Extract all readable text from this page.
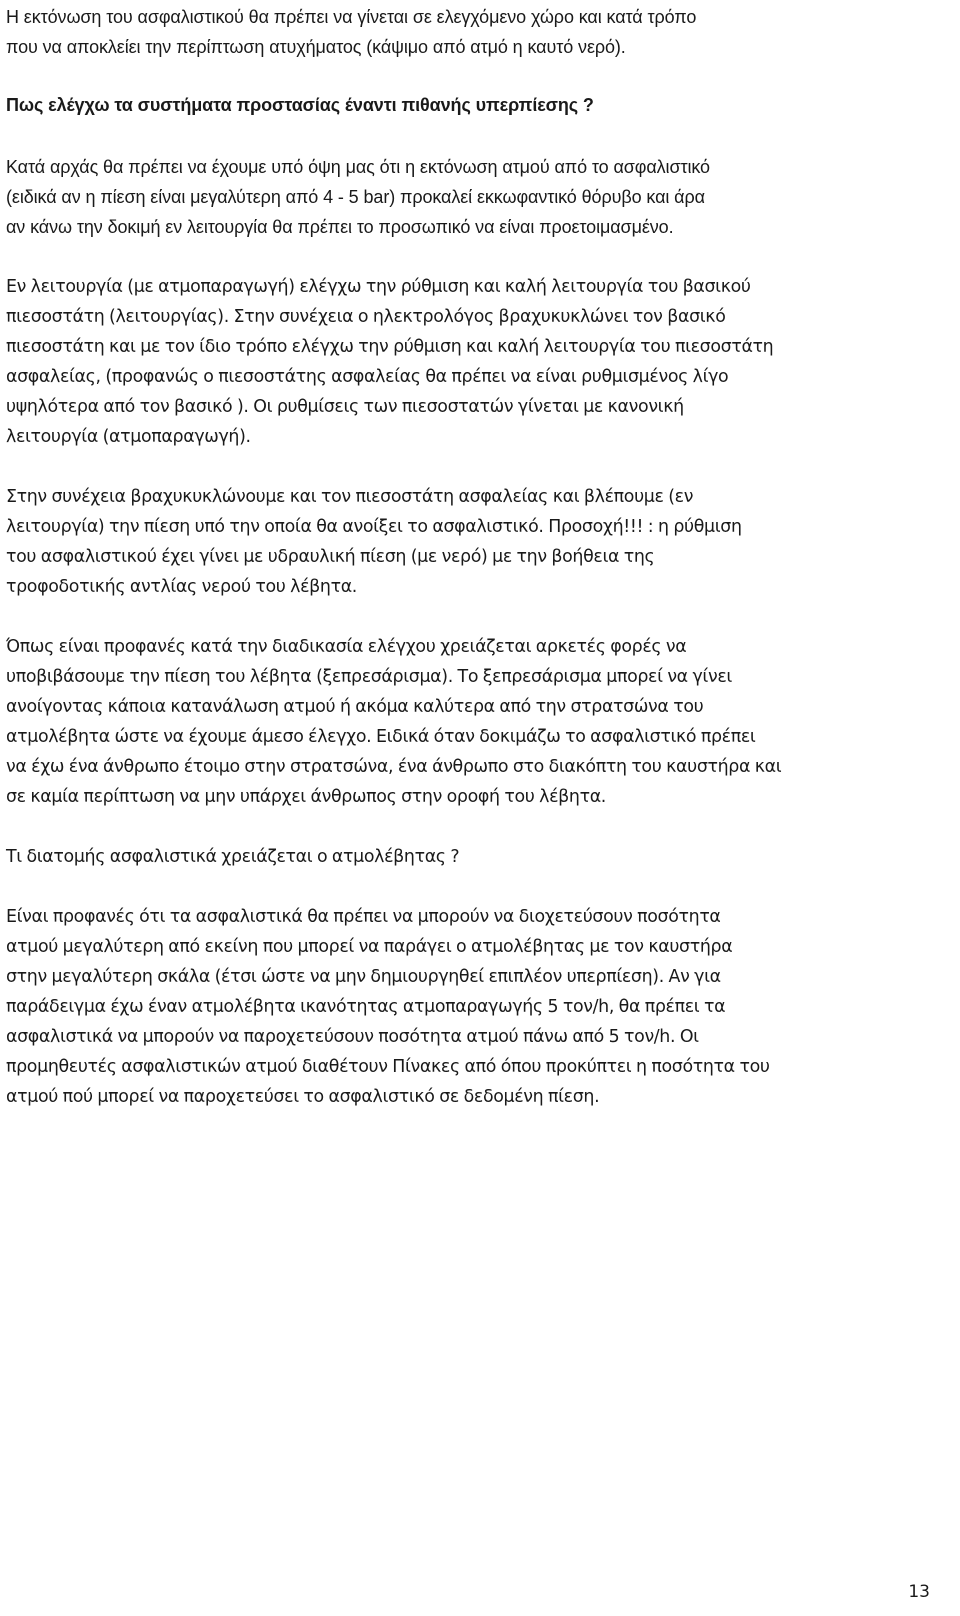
Η εκτόνωση του ασφαλιστικού θα πρέπει να γίνεται σε ελεγχόμενο χώρο και κατά τρόπο
που να αποκλείει την περίπτωση ατυχήματος (κάψιμο από ατμό η καυτό νερό).

Πως ελέγχω τα συστήματα προστασίας έναντι πιθανής υπερπίεσης ?

Κατά αρχάς θα πρέπει να έχουμε υπό όψη μας ότι η εκτόνωση ατμού από το ασφαλιστικό
(ειδικά αν η πίεση είναι μεγαλύτερη από 4 - 5 bar) προκαλεί εκκωφαντικό θόρυβο και άρα
αν κάνω την δοκιμή εν λειτουργία θα πρέπει το προσωπικό να είναι προετοιμασμένο.

Εν λειτουργία (με ατμοπαραγωγή) ελέγχω την ρύθμιση και καλή λειτουργία του βασικού
πιεσοστάτη (λειτουργίας). Στην συνέχεια ο ηλεκτρολόγος βραχυκυκλώνει τον βασικό
πιεσοστάτη και με τον ίδιο τρόπο ελέγχω την ρύθμιση και καλή λειτουργία του πιεσοστάτη
ασφαλείας, (προφανώς ο πιεσοστάτης ασφαλείας θα πρέπει να είναι ρυθμισμένος λίγο
υψηλότερα από τον βασικό ). Οι ρυθμίσεις των πιεσοστατών γίνεται με κανονική
λειτουργία (ατμοπαραγωγή).

Στην συνέχεια βραχυκυκλώνουμε και τον πιεσοστάτη ασφαλείας και βλέπουμε (εν
λειτουργία) την πίεση υπό την οποία θα ανοίξει το ασφαλιστικό. Προσοχή!!! : η ρύθμιση
του ασφαλιστικού έχει γίνει με υδραυλική πίεση (με νερό) με την βοήθεια της
τροφοδοτικής αντλίας νερού του λέβητα.

Όπως είναι προφανές κατά την διαδικασία ελέγχου χρειάζεται αρκετές φορές να
υποβιβάσουμε την πίεση του λέβητα (ξεπρεσάρισμα). Το ξεπρεσάρισμα μπορεί να γίνει
ανοίγοντας κάποια κατανάλωση ατμού ή ακόμα καλύτερα από την στρατσώνα του
ατμολέβητα ώστε να έχουμε άμεσο έλεγχο. Ειδικά όταν δοκιμάζω το ασφαλιστικό πρέπει
να έχω ένα άνθρωπο έτοιμο στην στρατσώνα, ένα άνθρωπο στο διακόπτη του καυστήρα και
σε καμία περίπτωση να μην υπάρχει άνθρωπος στην οροφή του λέβητα.

Τι διατομής ασφαλιστικά χρειάζεται ο ατμολέβητας ?

Είναι προφανές ότι τα ασφαλιστικά θα πρέπει να μπορούν να διοχετεύσουν ποσότητα
ατμού μεγαλύτερη από εκείνη που μπορεί να παράγει ο ατμολέβητας με τον καυστήρα
στην μεγαλύτερη σκάλα (έτσι ώστε να μην δημιουργηθεί επιπλέον υπερπίεση). Αν για
παράδειγμα έχω έναν ατμολέβητα ικανότητας ατμοπαραγωγής 5 τον/h, θα πρέπει τα
ασφαλιστικά να μπορούν να παροχετεύσουν ποσότητα ατμού πάνω από 5 τον/h. Οι
προμηθευτές ασφαλιστικών ατμού διαθέτουν Πίνακες από όπου προκύπτει η ποσότητα του
ατμού πού μπορεί να παροχετεύσει το ασφαλιστικό σε δεδομένη πίεση.

13
